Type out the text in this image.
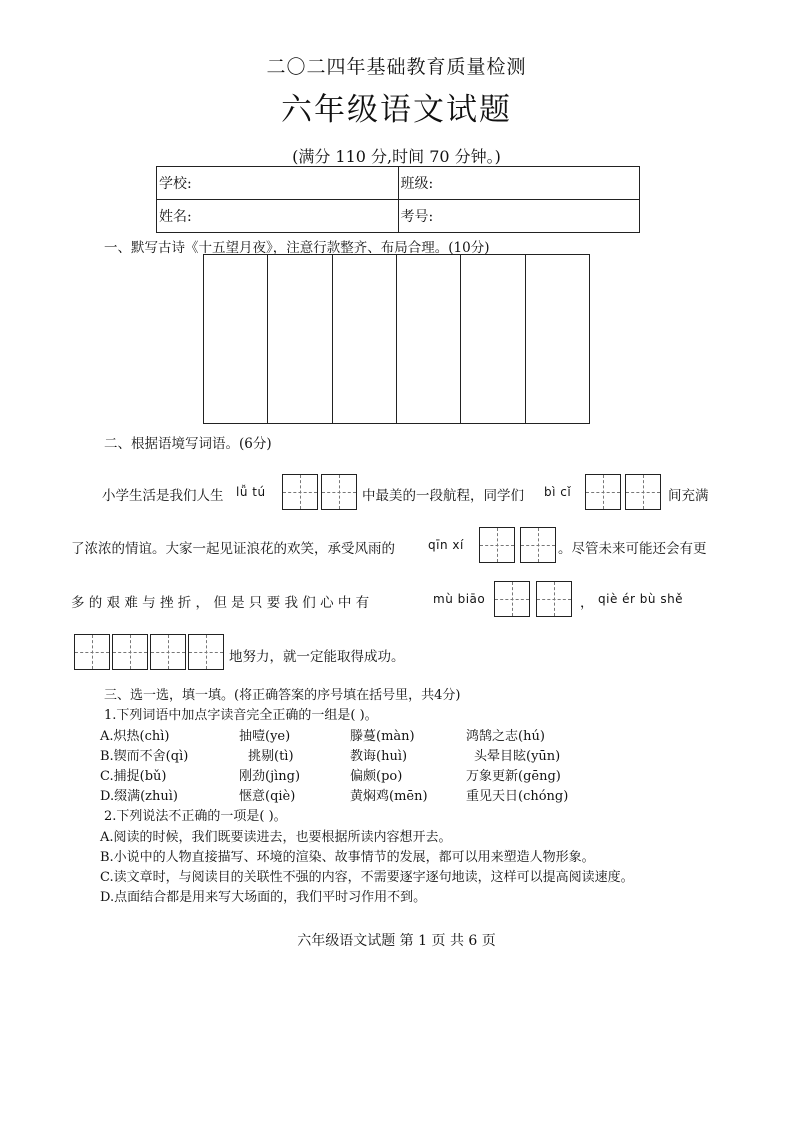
二〇二四年基础教育质量检测
六年级语文试题
(满分 110 分,时间 70 分钟。)
学校:	班级:
姓名:	考号:
一、默写古诗《十五望月夜》，注意行款整齐、布局合理。(10分)
二、根据语境写词语。(6分)
小学生活是我们人生 lǚ tú	中最美的一段航程，同学们 bì cǐ	间充满
了浓浓的情谊。大家一起见证浪花的欢笑，承受风雨的	qīn xí	。尽管未来可能还会有更
多 的 艰 难 与 挫 折 ， 但 是 只 要 我 们 心 中 有	mù biāo	， qiè ér bù shě
地努力，就一定能取得成功。
三、选一选，填一填。(将正确答案的序号填在括号里，共4分)
1.下列词语中加点字读音完全正确的一组是( )。
A.炽热(chì)	抽噎(ye)	滕蔓(màn)	鸿鹄之志(hú)
B.锲而不舍(qì)	挑剔(tì)	教诲(huì)	头晕目眩(yūn)
C.捕捉(bǔ)	刚劲(jìng)	偏颇(po)	万象更新(gēng)
D.缀满(zhuì)	惬意(qiè)	黄焖鸡(mēn)	重见天日(chóng)
2.下列说法不正确的一项是( )。
A.阅读的时候，我们既要读进去，也要根据所读内容想开去。
B.小说中的人物直接描写、环境的渲染、故事情节的发展，都可以用来塑造人物形象。
C.读文章时，与阅读目的关联性不强的内容，不需要逐字逐句地读，这样可以提高阅读速度。
D.点面结合都是用来写大场面的，我们平时习作用不到。
六年级语文试题 第 1 页 共 6 页
